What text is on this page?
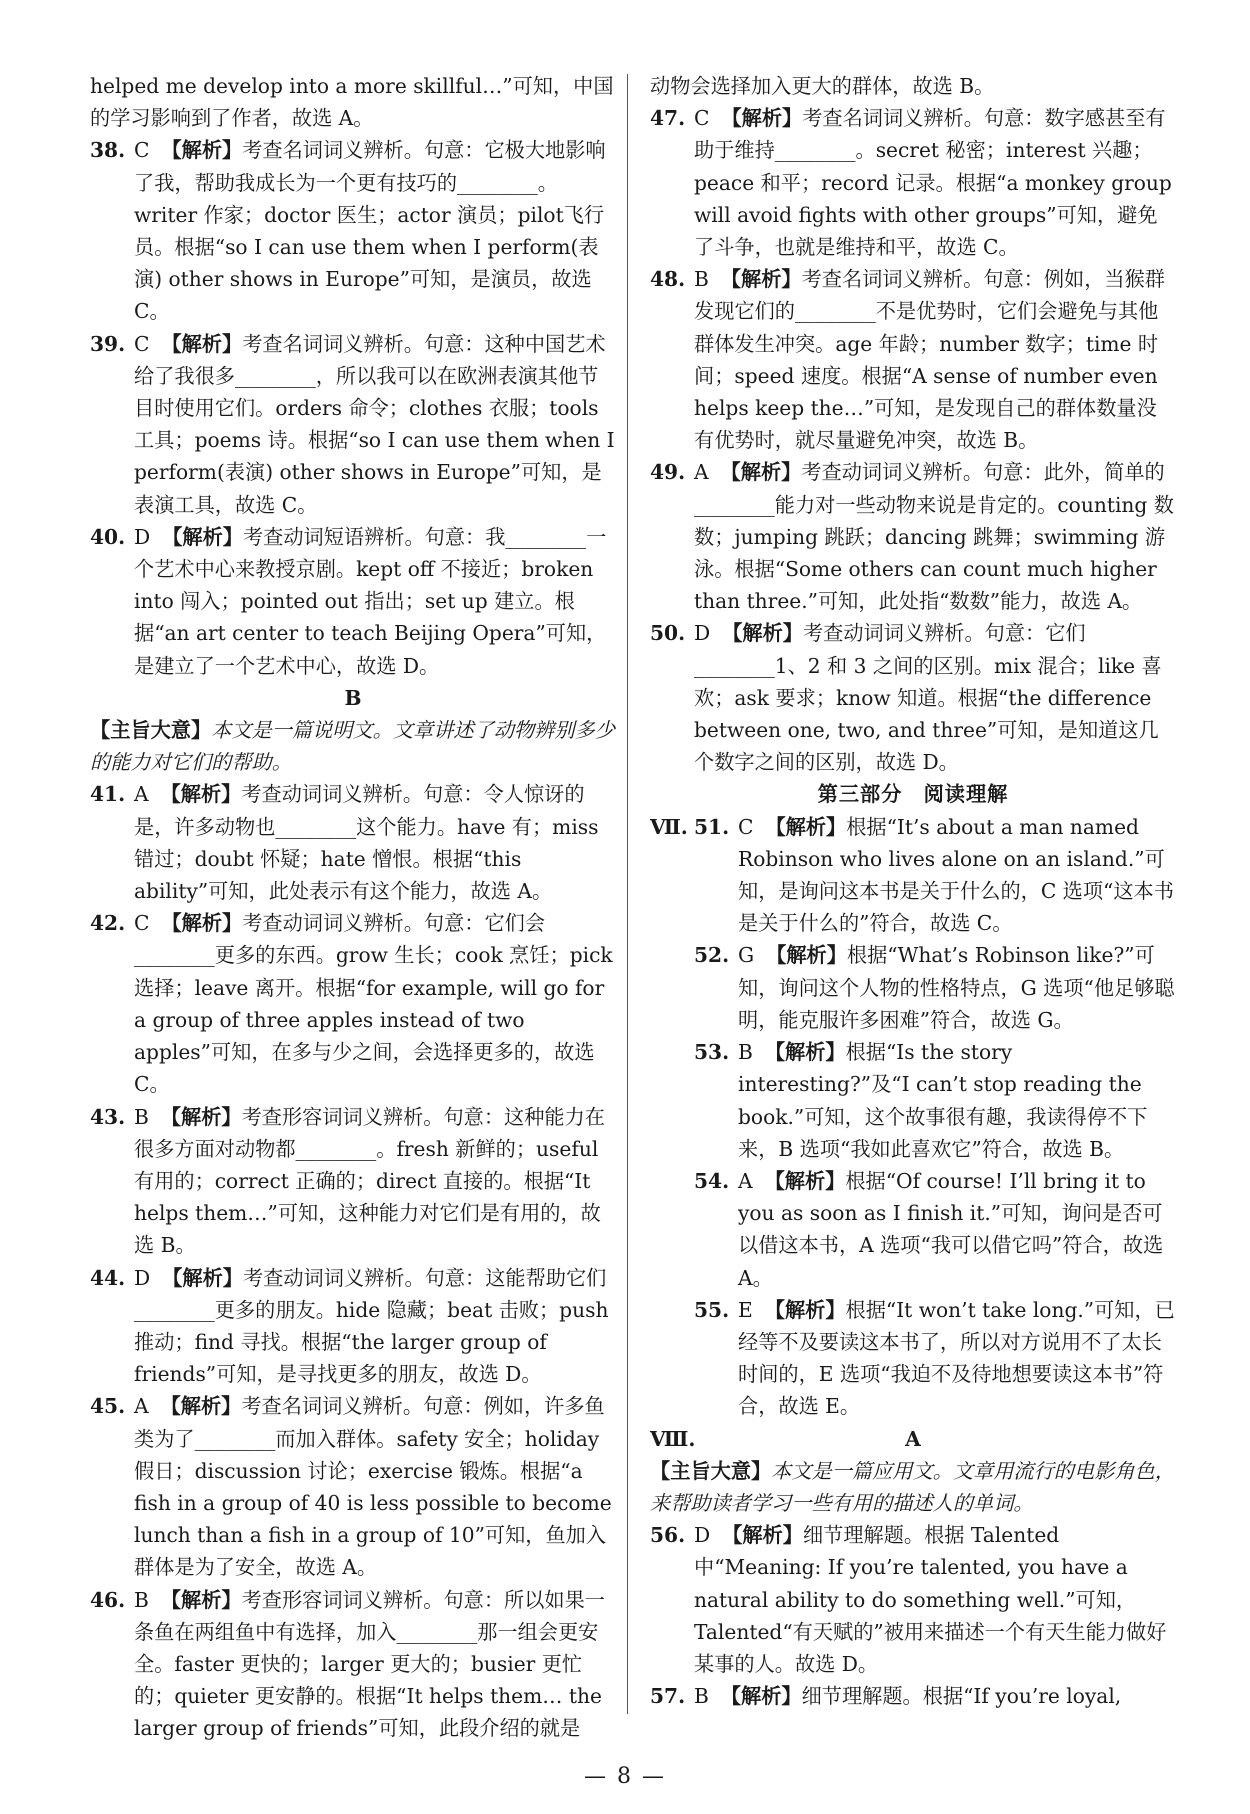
helped me develop into a more skillful…”可知，中国的学习影响到了作者，故选 A。

38. C 【解析】考查名词词义辨析。句意：它极大地影响了我，帮助我成长为一个更有技巧的________。writer 作家；doctor 医生；actor 演员；pilot飞行员。根据“so I can use them when I perform(表演) other shows in Europe”可知，是演员，故选 C。

39. C 【解析】考查名词词义辨析。句意：这种中国艺术给了我很多________，所以我可以在欧洲表演其他节目时使用它们。orders 命令；clothes 衣服；tools 工具；poems 诗。根据“so I can use them when I perform(表演) other shows in Europe”可知，是表演工具，故选 C。

40. D 【解析】考查动词短语辨析。句意：我________一个艺术中心来教授京剧。kept off 不接近；broken into 闯入；pointed out 指出；set up 建立。根据“an art center to teach Beijing Opera”可知，是建立了一个艺术中心，故选 D。

B

【主旨大意】本文是一篇说明文。文章讲述了动物辨别多少的能力对它们的帮助。

41. A 【解析】考查动词词义辨析。句意：令人惊讶的是，许多动物也________这个能力。have 有；miss 错过；doubt 怀疑；hate 憎恨。根据“this ability”可知，此处表示有这个能力，故选 A。

42. C 【解析】考查动词词义辨析。句意：它们会________更多的东西。grow 生长；cook 烹饪；pick 选择；leave 离开。根据“for example, will go for a group of three apples instead of two apples”可知，在多与少之间，会选择更多的，故选 C。

43. B 【解析】考查形容词词义辨析。句意：这种能力在很多方面对动物都________。fresh 新鲜的；useful 有用的；correct 正确的；direct 直接的。根据“It helps them…”可知，这种能力对它们是有用的，故选 B。

44. D 【解析】考查动词词义辨析。句意：这能帮助它们________更多的朋友。hide 隐藏；beat 击败；push 推动；find 寻找。根据“the larger group of friends”可知，是寻找更多的朋友，故选 D。

45. A 【解析】考查名词词义辨析。句意：例如，许多鱼类为了________而加入群体。safety 安全；holiday 假日；discussion 讨论；exercise 锻炼。根据“a fish in a group of 40 is less possible to become lunch than a fish in a group of 10”可知，鱼加入群体是为了安全，故选 A。

46. B 【解析】考查形容词词义辨析。句意：所以如果一条鱼在两组鱼中有选择，加入________那一组会更安全。faster 更快的；larger 更大的；busier 更忙的；quieter 更安静的。根据“It helps them… the larger group of friends”可知，此段介绍的就是

动物会选择加入更大的群体，故选 B。

47. C 【解析】考查名词词义辨析。句意：数字感甚至有助于维持________。secret 秘密；interest 兴趣；peace 和平；record 记录。根据“a monkey group will avoid fights with other groups”可知，避免了斗争，也就是维持和平，故选 C。

48. B 【解析】考查名词词义辨析。句意：例如，当猴群发现它们的________不是优势时，它们会避免与其他群体发生冲突。age 年龄；number 数字；time 时间；speed 速度。根据“A sense of number even helps keep the…”可知，是发现自己的群体数量没有优势时，就尽量避免冲突，故选 B。

49. A 【解析】考查动词词义辨析。句意：此外，简单的________能力对一些动物来说是肯定的。counting 数数；jumping 跳跃；dancing 跳舞；swimming 游泳。根据“Some others can count much higher than three.”可知，此处指“数数”能力，故选 A。

50. D 【解析】考查动词词义辨析。句意：它们________1、2 和 3 之间的区别。mix 混合；like 喜欢；ask 要求；know 知道。根据“the difference between one, two, and three”可知，是知道这几个数字之间的区别，故选 D。

第三部分　阅读理解

Ⅶ. 51. C 【解析】根据“It’s about a man named Robinson who lives alone on an island.”可知，是询问这本书是关于什么的，C 选项“这本书是关于什么的”符合，故选 C。

52. G 【解析】根据“What’s Robinson like?”可知，询问这个人物的性格特点，G 选项“他足够聪明，能克服许多困难”符合，故选 G。

53. B 【解析】根据“Is the story interesting?”及“I can’t stop reading the book.”可知，这个故事很有趣，我读得停不下来，B 选项“我如此喜欢它”符合，故选 B。

54. A 【解析】根据“Of course! I’ll bring it to you as soon as I finish it.”可知，询问是否可以借这本书，A 选项“我可以借它吗”符合，故选 A。

55. E 【解析】根据“It won’t take long.”可知，已经等不及要读这本书了，所以对方说用不了太长时间的，E 选项“我迫不及待地想要读这本书”符合，故选 E。

Ⅷ.	A

【主旨大意】本文是一篇应用文。文章用流行的电影角色，来帮助读者学习一些有用的描述人的单词。

56. D 【解析】细节理解题。根据 Talented 中“Meaning: If you’re talented, you have a natural ability to do something well.”可知，Talented“有天赋的”被用来描述一个有天生能力做好某事的人。故选 D。

57. B 【解析】细节理解题。根据“If you’re loyal,

— 8 —
